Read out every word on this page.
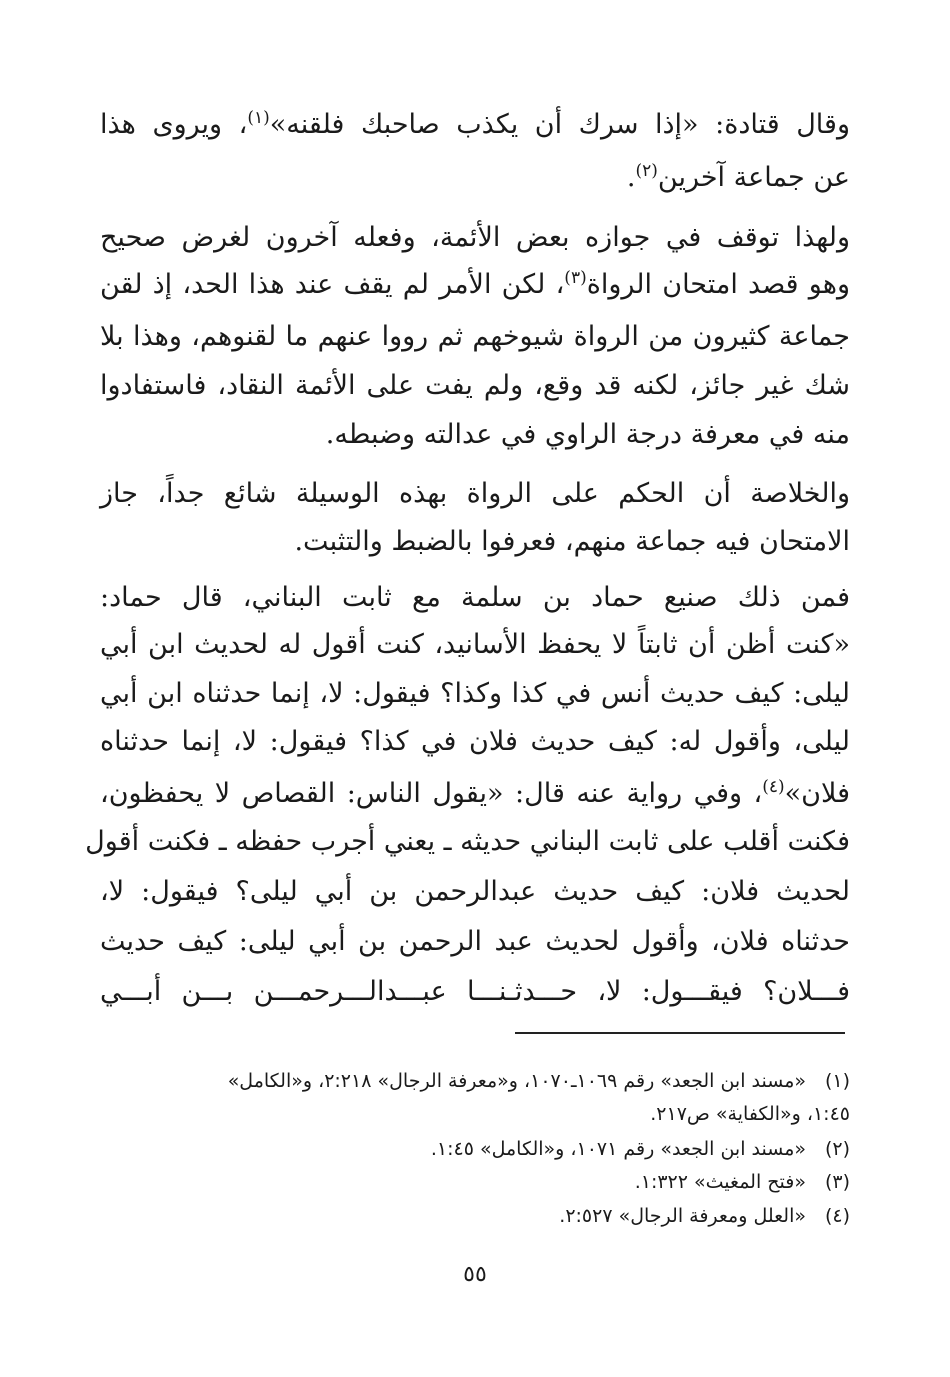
وقال قتادة: «إذا سرك أن يكذب صاحبك فلقنه»$^{(١)}$، ويروى هذا
عن جماعة آخرين$^{(٢)}$.
ولهذا توقف في جوازه بعض الأئمة، وفعله آخرون لغرض صحيح
وهو قصد امتحان الرواة$^{(٣)}$، لكن الأمر لم يقف عند هذا الحد، إذ لقن
جماعة كثيرون من الرواة شيوخهم ثم رووا عنهم ما لقنوهم، وهذا بلا
شك غير جائز، لكنه قد وقع، ولم يفت على الأئمة النقاد، فاستفادوا
منه في معرفة درجة الراوي في عدالته وضبطه.
والخلاصة أن الحكم على الرواة بهذه الوسيلة شائع جداً، جاز
الامتحان فيه جماعة منهم، فعرفوا بالضبط والتثبت.
فمن ذلك صنيع حماد بن سلمة مع ثابت البناني، قال حماد:
«كنت أظن أن ثابتاً لا يحفظ الأسانيد، كنت أقول له لحديث ابن أبي
ليلى: كيف حديث أنس في كذا وكذا؟ فيقول: لا، إنما حدثناه ابن أبي
ليلى، وأقول له: كيف حديث فلان في كذا؟ فيقول: لا، إنما حدثناه
فلان»$^{(٤)}$، وفي رواية عنه قال: «يقول الناس: القصاص لا يحفظون،
فكنت أقلب على ثابت البناني حديثه ـ يعني أجرب حفظه ـ فكنت أقول
لحديث فلان: كيف حديث عبدالرحمن بن أبي ليلى؟ فيقول: لا،
حدثناه فلان، وأقول لحديث عبد الرحمن بن أبي ليلى: كيف حديث
فـــلان؟ فيقـــول: لا، حـــدثـنـــا عبـــدالـــرحمـــن بـــن أبـــي
(١)«مسند ابن الجعد» رقم ١٠٦٩ـ١٠٧٠، و«معرفة الرجال» ٢:٢١٨، و«الكامل»
١:٤٥، و«الكفاية» ص٢١٧.
(٢)«مسند ابن الجعد» رقم ١٠٧١، و«الكامل» ١:٤٥.
(٣)«فتح المغيث» ١:٣٢٢.
(٤)«العلل ومعرفة الرجال» ٢:٥٢٧.
٥٥
